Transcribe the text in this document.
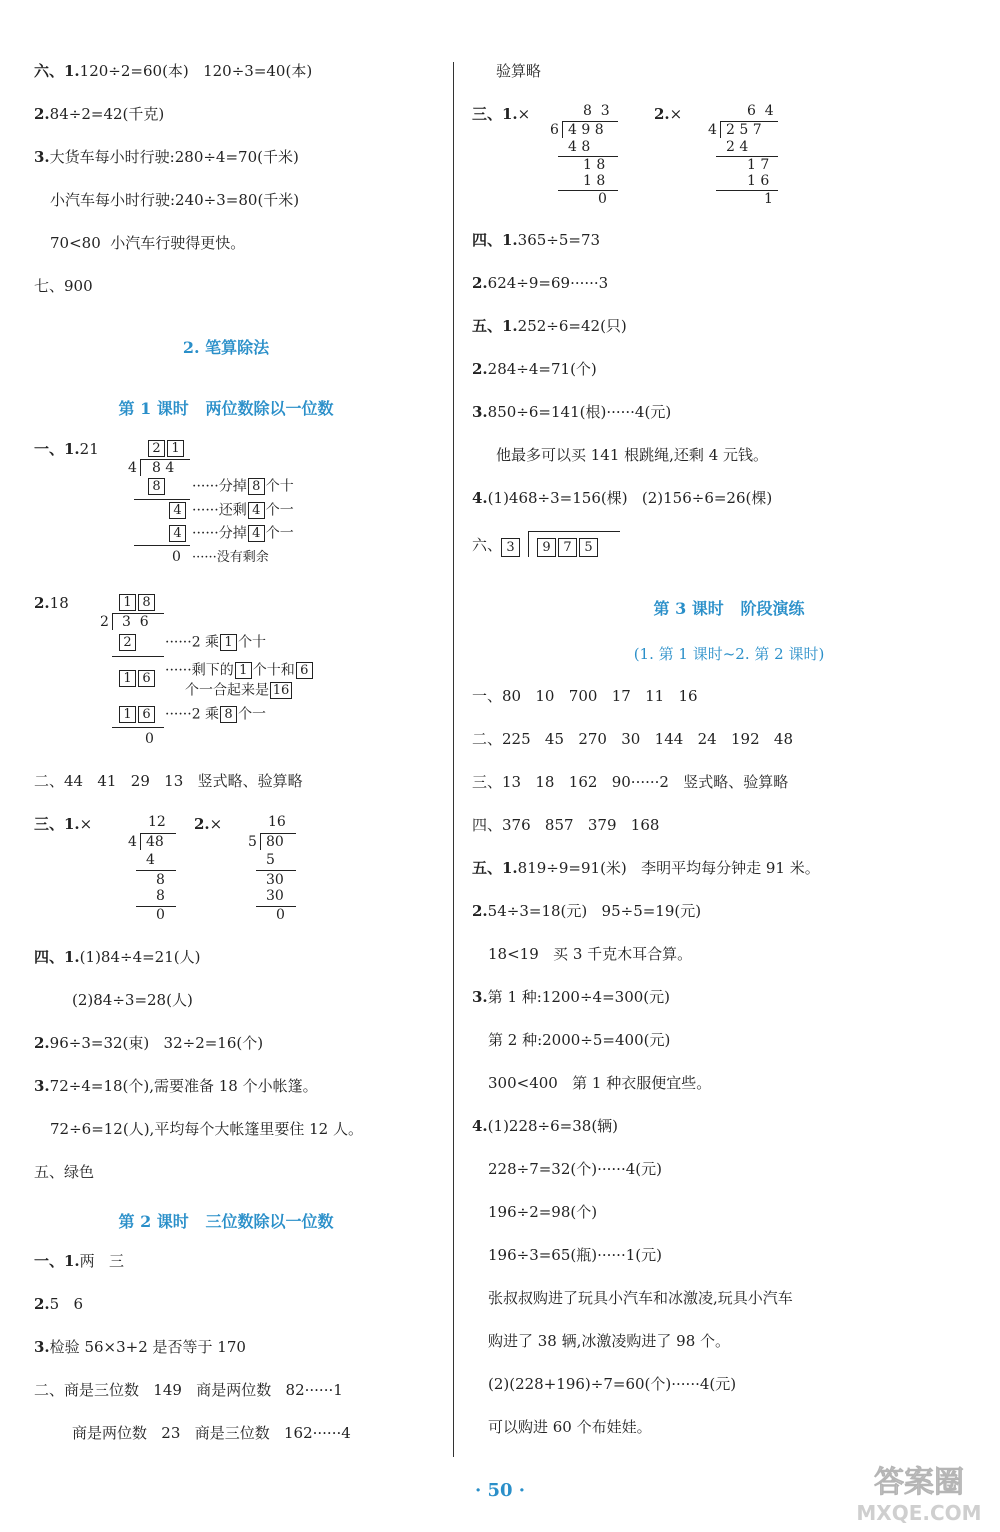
六、1.120÷2=60(本)   120÷3=40(本)
2.84÷2=42(千克)
3.大货车每小时行驶:280÷4=70(千米)
小汽车每小时行驶:240÷3=80(千米)
70<80  小汽车行驶得更快。
七、900
2. 笔算除法
第 1 课时   两位数除以一位数
一、1.21	2 1
4 8 4
8	······分掉 8 个十
4 ······还剩 4 个一
4 ······分掉 4 个一
0 ······没有剩余
2.18	1 8
2 3  6
2	······2 乘 1 个十
1 6	······剩下的 1 个十和 6
个一合起来是 16
1 6	······2 乘 8 个一
0
二、44   41   29   13   竖式略、验算略
三、1.×	12
4 48
4
8
8
0
2.×	16
5 80
5
30
30
0
四、1.(1)84÷4=21(人)
(2)84÷3=28(人)
2.96÷3=32(束)   32÷2=16(个)
3.72÷4=18(个),需要准备 18 个小帐篷。
72÷6=12(人),平均每个大帐篷里要住 12 人。
五、绿色
第 2 课时   三位数除以一位数
一、1.两   三
2.5   6
3.检验 56×3+2 是否等于 170
二、商是三位数   149   商是两位数   82······1
商是两位数   23   商是三位数   162······4
验算略
三、1.×	8  3
6 4 9 8
4 8
1 8
1 8
0
2.×	6  4
4 2 5 7
2 4
1 7
1 6
1
四、1.365÷5=73
2.624÷9=69······3
五、1.252÷6=42(只)
2.284÷4=71(个)
3.850÷6=141(根)······4(元)
他最多可以买 141 根跳绳,还剩 4 元钱。
4.(1)468÷3=156(棵)   (2)156÷6=26(棵)
六、 3	9 7 5
第 3 课时   阶段演练
(1. 第 1 课时~2. 第 2 课时)
一、80   10   700   17   11   16
二、225   45   270   30   144   24   192   48
三、13   18   162   90······2   竖式略、验算略
四、376   857   379   168
五、1.819÷9=91(米)   李明平均每分钟走 91 米。
2.54÷3=18(元)   95÷5=19(元)
18<19   买 3 千克木耳合算。
3.第 1 种:1200÷4=300(元)
第 2 种:2000÷5=400(元)
300<400   第 1 种衣服便宜些。
4.(1)228÷6=38(辆)
228÷7=32(个)······4(元)
196÷2=98(个)
196÷3=65(瓶)······1(元)
张叔叔购进了玩具小汽车和冰激凌,玩具小汽车
购进了 38 辆,冰激凌购进了 98 个。
(2)(228+196)÷7=60(个)······4(元)
可以购进 60 个布娃娃。
· 50 ·	答案圈
MXQE.COM
